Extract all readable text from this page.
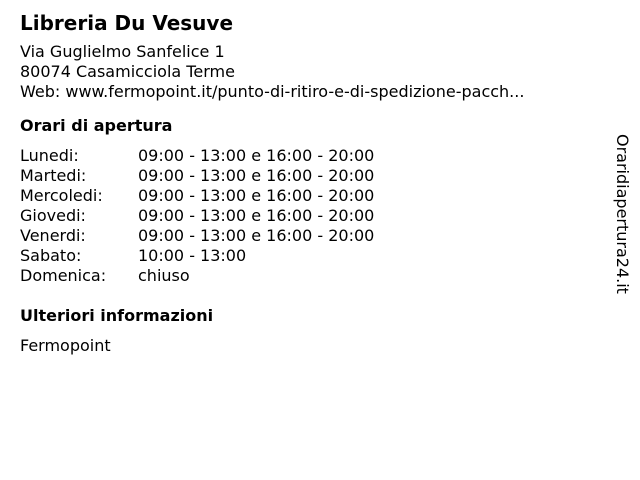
Libreria Du Vesuve
Via Guglielmo Sanfelice 1
80074 Casamicciola Terme
Web: www.fermopoint.it/punto-di-ritiro-e-di-spedizione-pacch...
Orari di apertura
Lunedi:	09:00 - 13:00 e 16:00 - 20:00
Martedi:	09:00 - 13:00 e 16:00 - 20:00
Mercoledi:	09:00 - 13:00 e 16:00 - 20:00
Giovedi:	09:00 - 13:00 e 16:00 - 20:00
Venerdi:	09:00 - 13:00 e 16:00 - 20:00
Sabato:	10:00 - 13:00
Domenica:	chiuso
Ulteriori informazioni
Fermopoint
Oraridiapertura24.it
